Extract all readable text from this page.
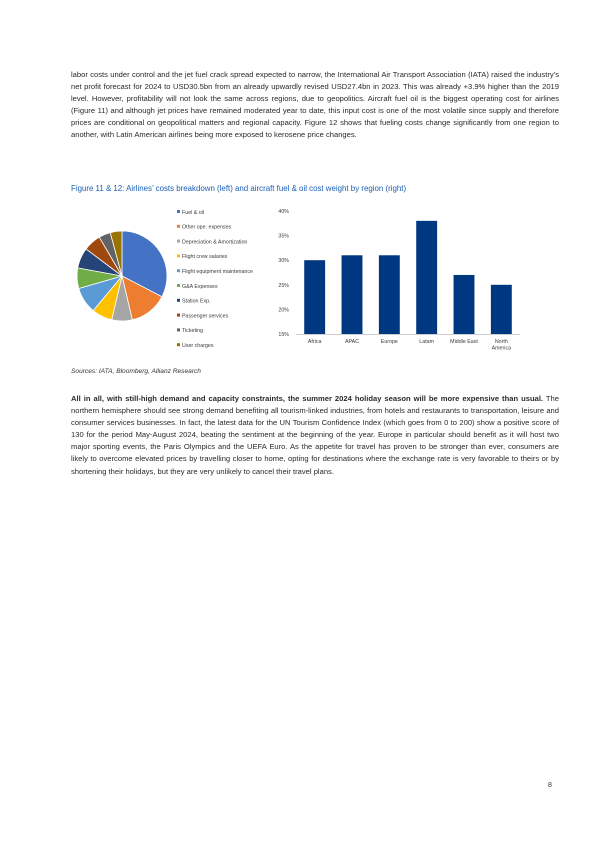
labor costs under control and the jet fuel crack spread expected to narrow, the International Air Transport Association (IATA) raised the industry’s net profit forecast for 2024 to USD30.5bn from an already upwardly revised USD27.4bn in 2023. This was already +3.9% higher than the 2019 level. However, profitability will not look the same across regions, due to geopolitics. Aircraft fuel oil is the biggest operating cost for airlines (Figure 11) and although jet prices have remained moderated year to date, this input cost is one of the most volatile since supply and therefore prices are conditional on geopolitical matters and regional capacity. Figure 12 shows that fueling costs change significantly from one region to another, with Latin American airlines being more exposed to kerosene price changes.

Figure 11 & 12: Airlines’ costs breakdown (left) and aircraft fuel & oil cost weight by region (right)

Fuel & oil
Other ope. expenses
Depreciation & Amortization
Flight crew salaries
Flight equipment maintenance
G&A Expenses
Station Exp.
Passenger services
Ticketing
User charges
15%
20%
25%
30%
35%
40%
Africa	APAC	Europe	Latam	Middle East	North
America

Sources: IATA, Bloomberg, Allianz Research

All in all, with still-high demand and capacity constraints, the summer 2024 holiday season will be more expensive than usual. The northern hemisphere should see strong demand benefiting all tourism-linked industries, from hotels and restaurants to transportation, leisure and consumer services businesses. In fact, the latest data for the UN Tourism Confidence Index (which goes from 0 to 200) show a positive score of 130 for the period May-August 2024, beating the sentiment at the beginning of the year. Europe in particular should benefit as it will host two major sporting events, the Paris Olympics and the UEFA Euro. As the appetite for travel has proven to be stronger than ever, consumers are likely to overcome elevated prices by travelling closer to home, opting for destinations where the exchange rate is very favorable to theirs or by shortening their holidays, but they are very unlikely to cancel their travel plans.

8
